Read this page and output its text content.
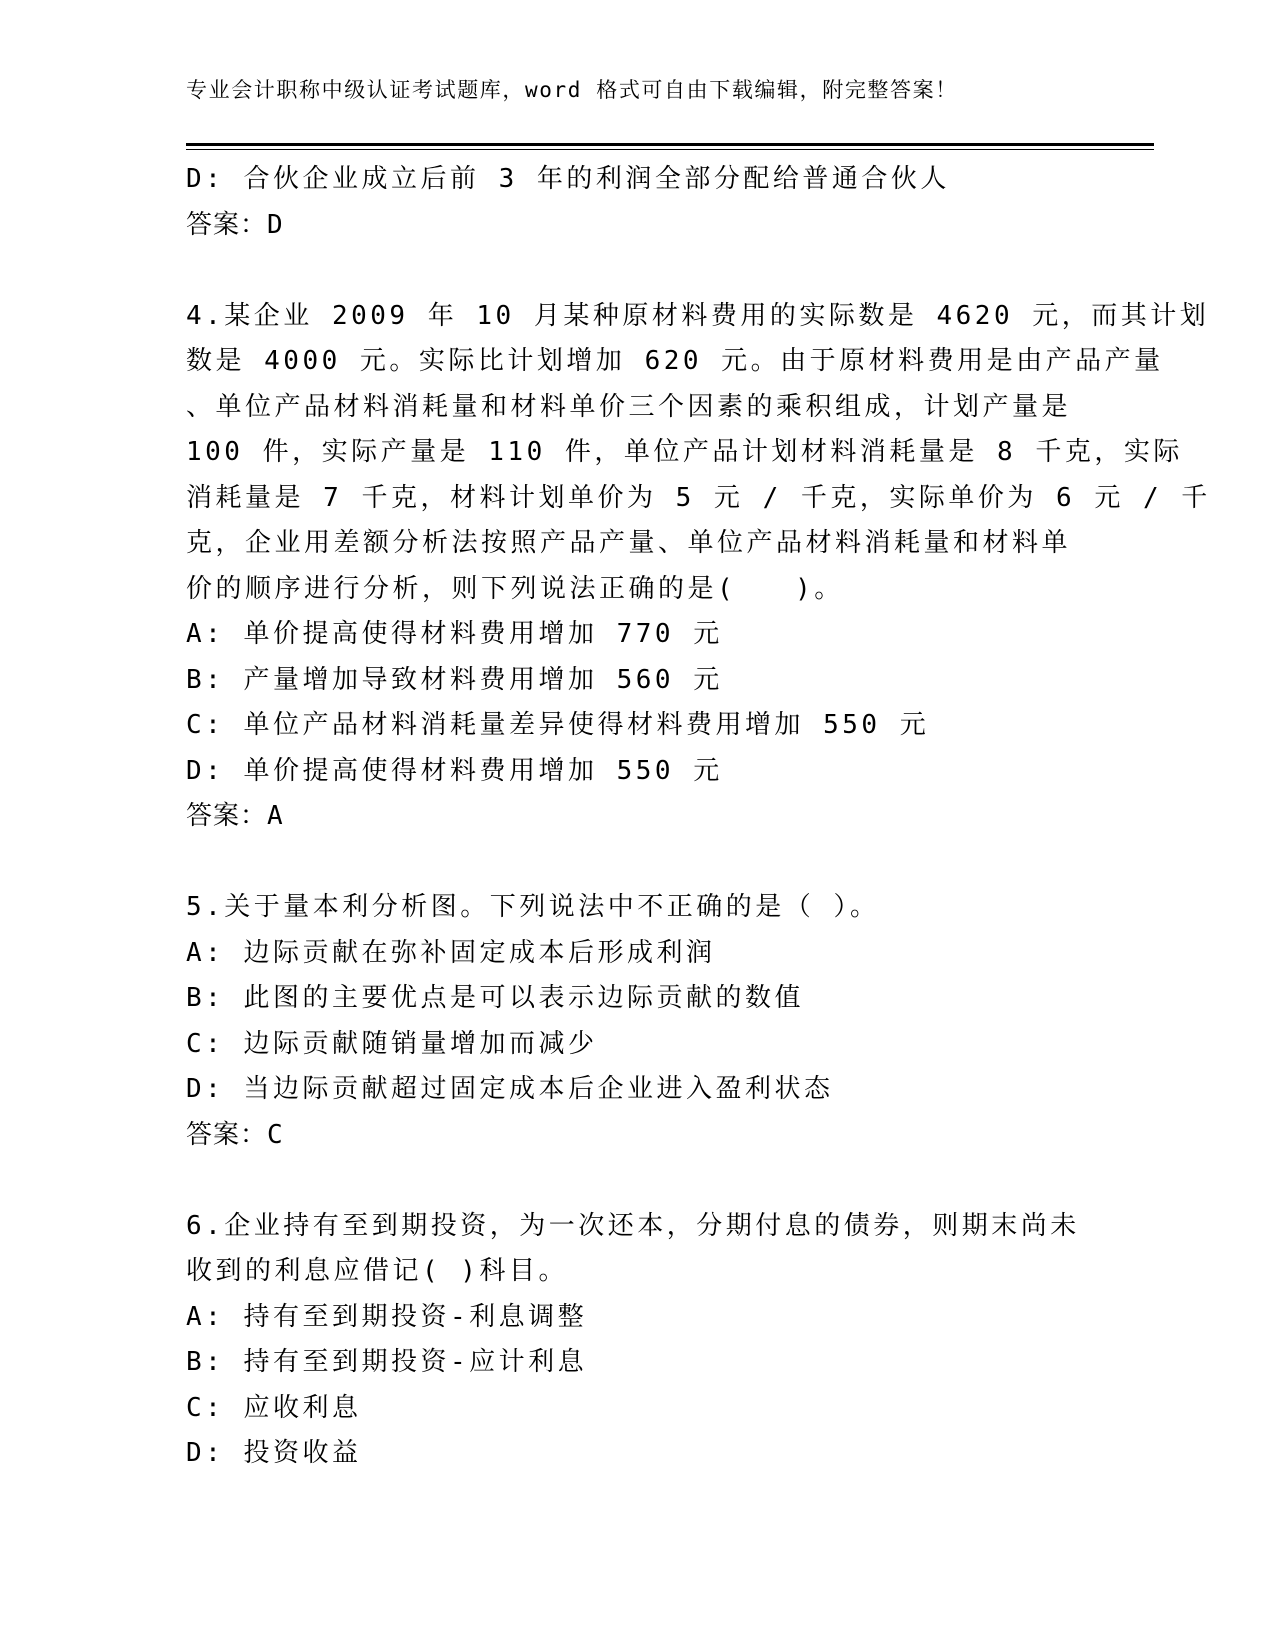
专业会计职称中级认证考试题库，word 格式可自由下载编辑，附完整答案！

D: 合伙企业成立后前 3 年的利润全部分配给普通合伙人

答案：D

4.某企业 2009 年 10 月某种原材料费用的实际数是 4620 元，而其计划

数是 4000 元。实际比计划增加 620 元。由于原材料费用是由产品产量

、单位产品材料消耗量和材料单价三个因素的乘积组成，计划产量是

100 件，实际产量是 110 件，单位产品计划材料消耗量是 8 千克，实际

消耗量是 7 千克，材料计划单价为 5 元 / 千克，实际单价为 6 元 / 千

克，企业用差额分析法按照产品产量、单位产品材料消耗量和材料单

价的顺序进行分析，则下列说法正确的是(　　)。

A: 单价提高使得材料费用增加 770 元

B: 产量增加导致材料费用增加 560 元

C: 单位产品材料消耗量差异使得材料费用增加 550 元

D: 单价提高使得材料费用增加 550 元

答案：A

5.关于量本利分析图。下列说法中不正确的是（ ）。

A: 边际贡献在弥补固定成本后形成利润

B: 此图的主要优点是可以表示边际贡献的数值

C: 边际贡献随销量增加而减少

D: 当边际贡献超过固定成本后企业进入盈利状态

答案：C

6.企业持有至到期投资，为一次还本，分期付息的债券，则期末尚未

收到的利息应借记( )科目。

A: 持有至到期投资-利息调整

B: 持有至到期投资-应计利息

C: 应收利息

D: 投资收益
